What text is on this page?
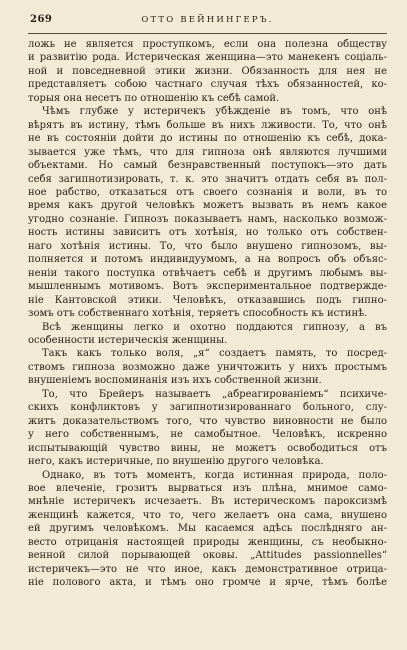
269	ОТТО ВЕЙНИНГЕРЪ.
ложь не является проступкомъ, если она полезна обществу
и развитію рода. Истерическая женщина—это манекенъ соціаль-
ной и повседневной этики жизни. Обязанность для нея не
представляетъ собою частнаго случая тѣхъ обязанностей, ко-
торыя она несетъ по отношенію къ себѣ самой.
Чѣмъ глубже у истеричекъ убѣжденіе въ томъ, что онѣ
вѣрятъ въ истину, тѣмъ больше въ нихъ лживости. То, что онѣ
не въ состояніи дойти до истины по отношенію къ себѣ, дока-
зывается уже тѣмъ, что для гипноза онѣ являются лучшими
объектами. Но самый безнравственный поступокъ—это дать
себя загипнотизировать, т. к. это значитъ отдать себя въ пол-
ное рабство, отказаться отъ своего сознанія и воли, въ то
время какъ другой человѣкъ можетъ вызвать въ немъ какое
угодно сознаніе. Гипнозъ показываетъ намъ, насколько возмож-
ность истины зависитъ отъ хотѣнія, но только отъ собствен-
наго хотѣнія истины. То, что было внушено гипнозомъ, вы-
полняется и потомъ индивидуумомъ, а на вопросъ объ объяс-
неніи такого поступка отвѣчаетъ себѣ и другимъ любымъ вы-
мышленнымъ мотивомъ. Вотъ экспериментальное подтвержде-
ніе Кантовской этики. Человѣкъ, отказавшись подъ гипно-
зомъ отъ собственнаго хотѣнія, теряетъ способность къ истинѣ.
Всѣ женщины легко и охотно поддаются гипнозу, а въ
особенности истерическія женщины.
Такъ какъ только воля, „я“ создаетъ память, то посред-
ствомъ гипноза возможно даже уничтожить у нихъ простымъ
внушеніемъ воспоминанія изъ ихъ собственной жизни.
То, что Брейеръ называетъ „абреагированіемъ“ психиче-
скихъ конфликтовъ у загипнотизированнаго больного, слу-
житъ доказательствомъ того, что чувство виновности не было
у него собственнымъ, не самобытное. Человѣкъ, искренно
испытывающій чувство вины, не можетъ освободиться отъ
него, какъ истеричные, по внушенію другого человѣка.
Однако, въ тотъ моментъ, когда истинная природа, поло-
вое влеченіе, грозитъ вырваться изъ плѣна, мнимое само-
мнѣніе истеричекъ исчезаетъ. Въ истерическомъ пароксизмѣ
женщинѣ кажется, что то, чего желаетъ она сама, внушено
ей другимъ человѣкомъ. Мы касаемся адѣсь послѣдняго ан-
весто отрицанія настоящей природы женщины, съ необыкно-
венной силой порывающей оковы. „Attitudes passionnelles“
истеричекъ—это не что иное, какъ демонстративное отрица-
ніе полового акта, и тѣмъ оно громче и ярче, тѣмъ болѣе
